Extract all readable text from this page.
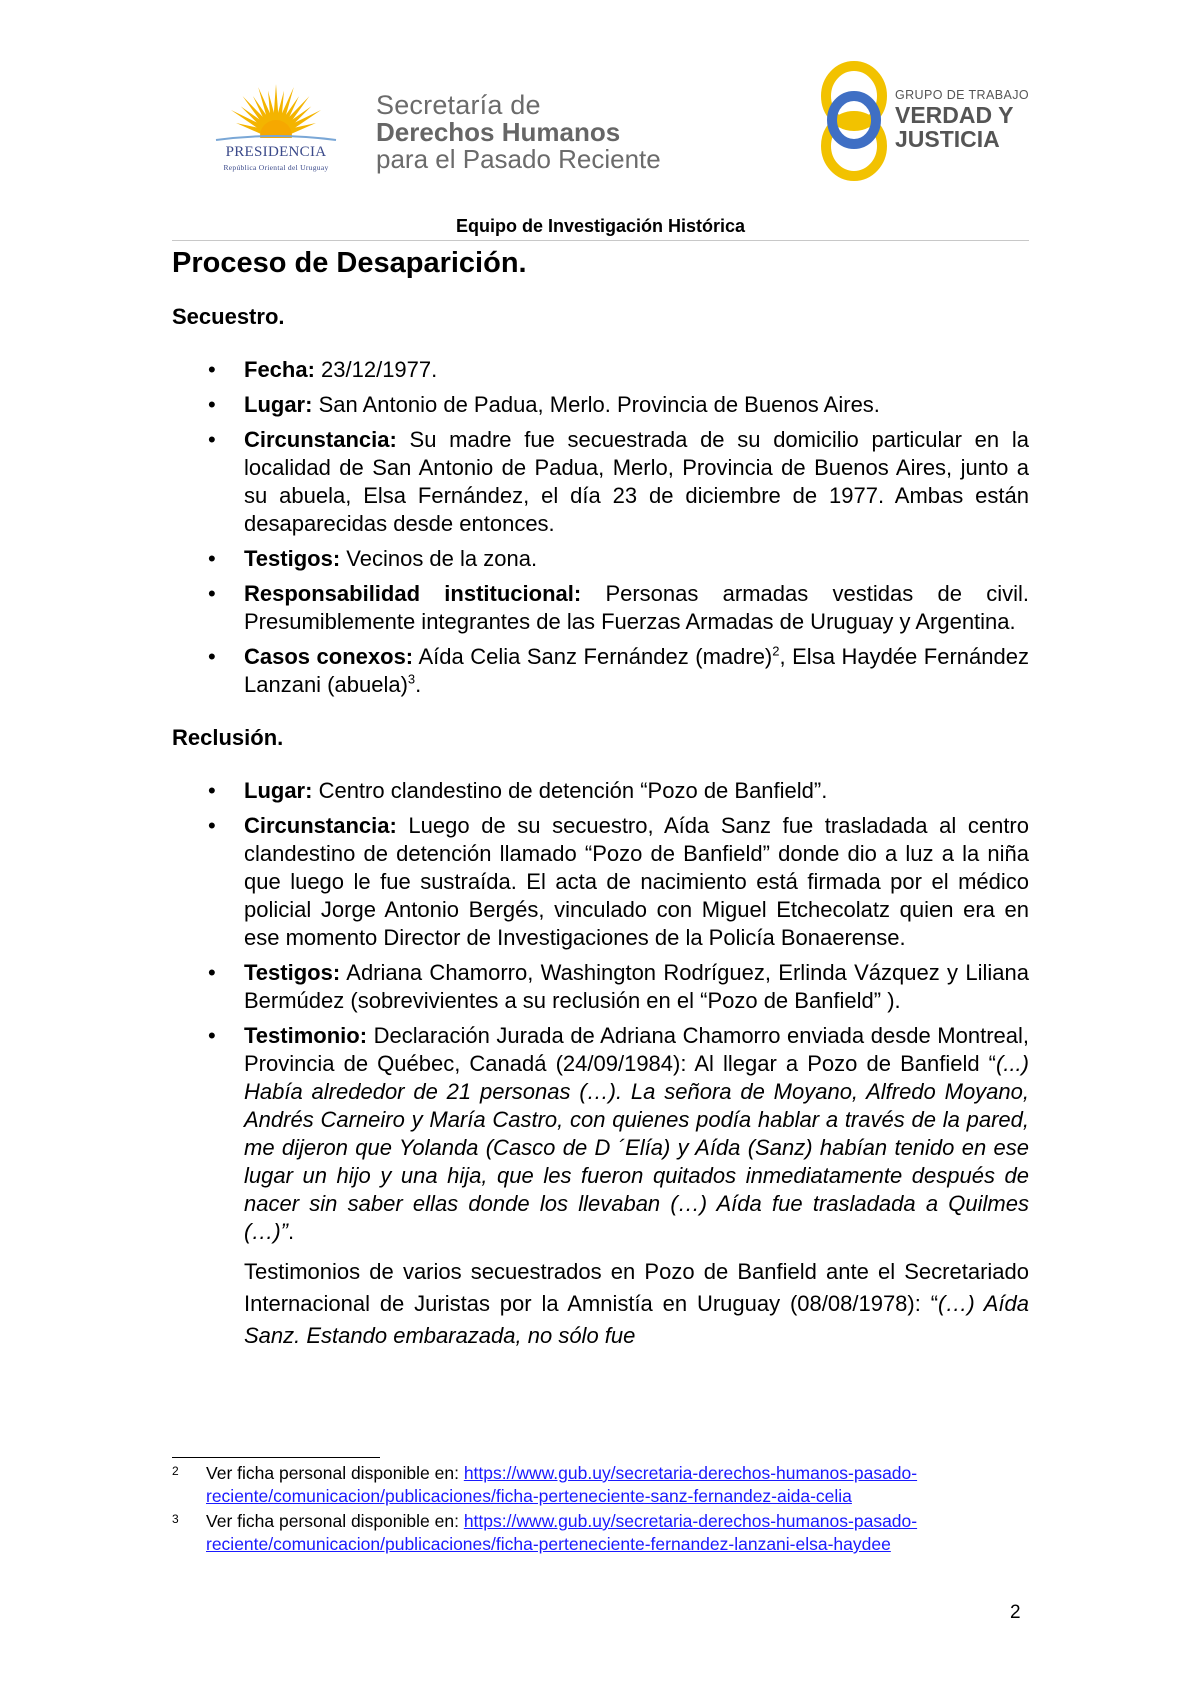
PRESIDENCIA
República Oriental del Uruguay
Secretaría de
Derechos Humanos
para el Pasado Reciente
GRUPO DE TRABAJO
VERDAD Y
JUSTICIA
Equipo de Investigación Histórica
Proceso de Desaparición.
Secuestro.
• Fecha: 23/12/1977.
• Lugar: San Antonio de Padua, Merlo. Provincia de Buenos Aires.
• Circunstancia: Su madre fue secuestrada de su domicilio particular en la localidad de San Antonio de Padua, Merlo, Provincia de Buenos Aires, junto a su abuela, Elsa Fernández, el día 23 de diciembre de 1977. Ambas están desaparecidas desde entonces.
• Testigos: Vecinos de la zona.
• Responsabilidad institucional: Personas armadas vestidas de civil. Presumiblemente integrantes de las Fuerzas Armadas de Uruguay y Argentina.
• Casos conexos: Aída Celia Sanz Fernández (madre)$^2$, Elsa Haydée Fernández Lanzani (abuela)$^3$.
Reclusión.
• Lugar: Centro clandestino de detención “Pozo de Banfield”.
• Circunstancia: Luego de su secuestro, Aída Sanz fue trasladada al centro clandestino de detención llamado “Pozo de Banfield” donde dio a luz a la niña que luego le fue sustraída. El acta de nacimiento está firmada por el médico policial Jorge Antonio Bergés, vinculado con Miguel Etchecolatz quien era en ese momento Director de Investigaciones de la Policía Bonaerense.
• Testigos: Adriana Chamorro, Washington Rodríguez, Erlinda Vázquez y Liliana Bermúdez (sobrevivientes a su reclusión en el “Pozo de Banfield” ).
• Testimonio: Declaración Jurada de Adriana Chamorro enviada desde Montreal, Provincia de Québec, Canadá (24/09/1984): Al llegar a Pozo de Banfield “(...) Había alrededor de 21 personas (…). La señora de Moyano, Alfredo Moyano, Andrés Carneiro y María Castro, con quienes podía hablar a través de la pared, me dijeron que Yolanda (Casco de D ´Elía) y Aída (Sanz) habían tenido en ese lugar un hijo y una hija, que les fueron quitados inmediatamente después de nacer sin saber ellas donde los llevaban (…) Aída fue trasladada a Quilmes (…)”.
Testimonios de varios secuestrados en Pozo de Banfield ante el Secretariado Internacional de Juristas por la Amnistía en Uruguay (08/08/1978): “(…) Aída Sanz. Estando embarazada, no sólo fue
2	Ver ficha personal disponible en: https://www.gub.uy/secretaria-derechos-humanos-pasado-reciente/comunicacion/publicaciones/ficha-perteneciente-sanz-fernandez-aida-celia
3	Ver ficha personal disponible en: https://www.gub.uy/secretaria-derechos-humanos-pasado-reciente/comunicacion/publicaciones/ficha-perteneciente-fernandez-lanzani-elsa-haydee
2
